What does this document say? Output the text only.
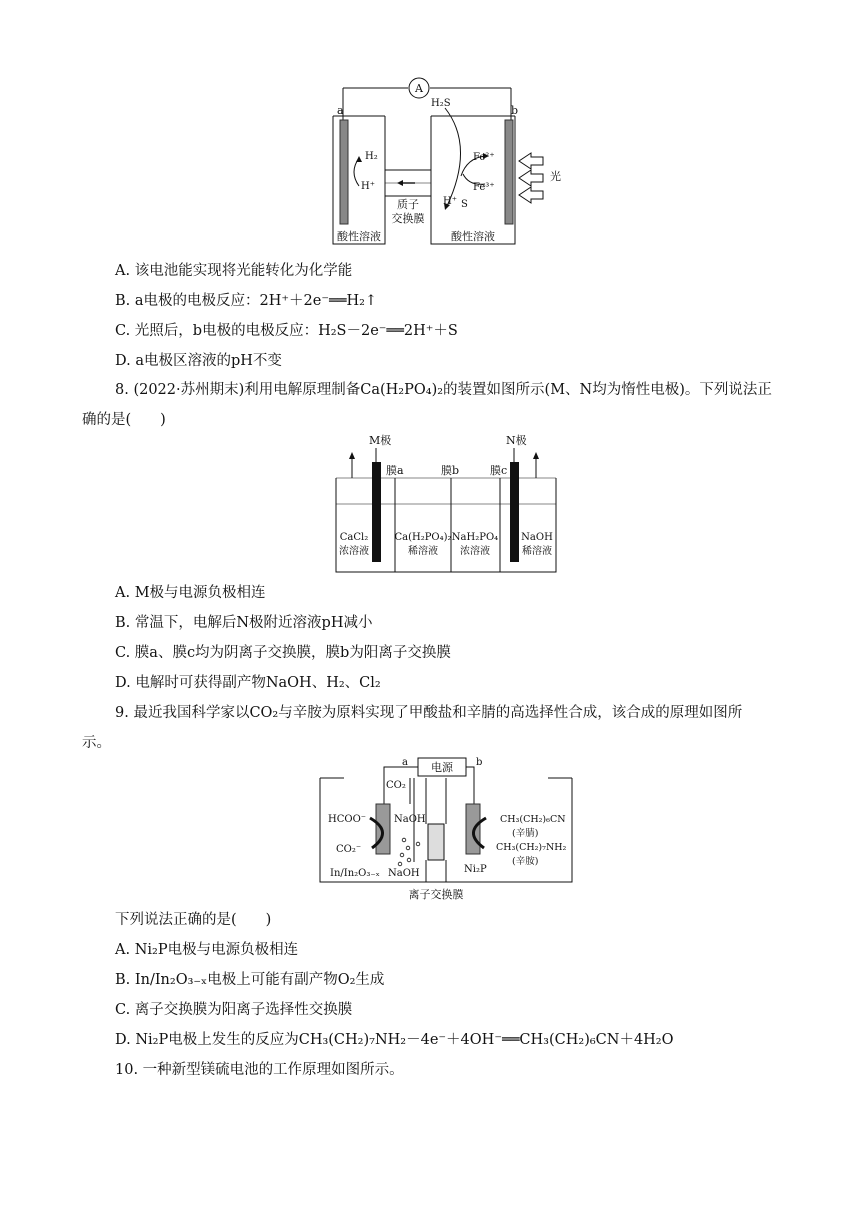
A
a	b
质子
交换膜
H₂
H⁺
H₂S
Fe²⁺
Fe³⁺
H⁺ S
光
酸性溶液	酸性溶液
A. 该电池能实现将光能转化为化学能
B. a电极的电极反应：2H⁺＋2e⁻══H₂↑
C. 光照后，b电极的电极反应：H₂S－2e⁻══2H⁺＋S
D. a电极区溶液的pH不变
8. (2022·苏州期末)利用电解原理制备Ca(H₂PO₄)₂的装置如图所示(M、N均为惰性电极)。下列说法正
确的是(　　)
M极	N极
膜a	膜b	膜c
CaCl₂
浓溶液
Ca(H₂PO₄)₂
稀溶液
NaH₂PO₄
浓溶液
NaOH
稀溶液
A. M极与电源负极相连
B. 常温下，电解后N极附近溶液pH减小
C. 膜a、膜c均为阴离子交换膜，膜b为阳离子交换膜
D. 电解时可获得副产物NaOH、H₂、Cl₂
9. 最近我国科学家以CO₂与辛胺为原料实现了甲酸盐和辛腈的高选择性合成，该合成的原理如图所
示。
电源
a	b
CO₂
HCOO⁻	NaOH
CO₂⁻
In/In₂O₃₋ₓ NaOH	Ni₂P
CH₃(CH₂)₆CN
(辛腈)
CH₃(CH₂)₇NH₂
(辛胺)
离子交换膜
下列说法正确的是(　　)
A. Ni₂P电极与电源负极相连
B. In/In₂O₃₋ₓ电极上可能有副产物O₂生成
C. 离子交换膜为阳离子选择性交换膜
D. Ni₂P电极上发生的反应为CH₃(CH₂)₇NH₂－4e⁻＋4OH⁻══CH₃(CH₂)₆CN＋4H₂O
10. 一种新型镁硫电池的工作原理如图所示。
